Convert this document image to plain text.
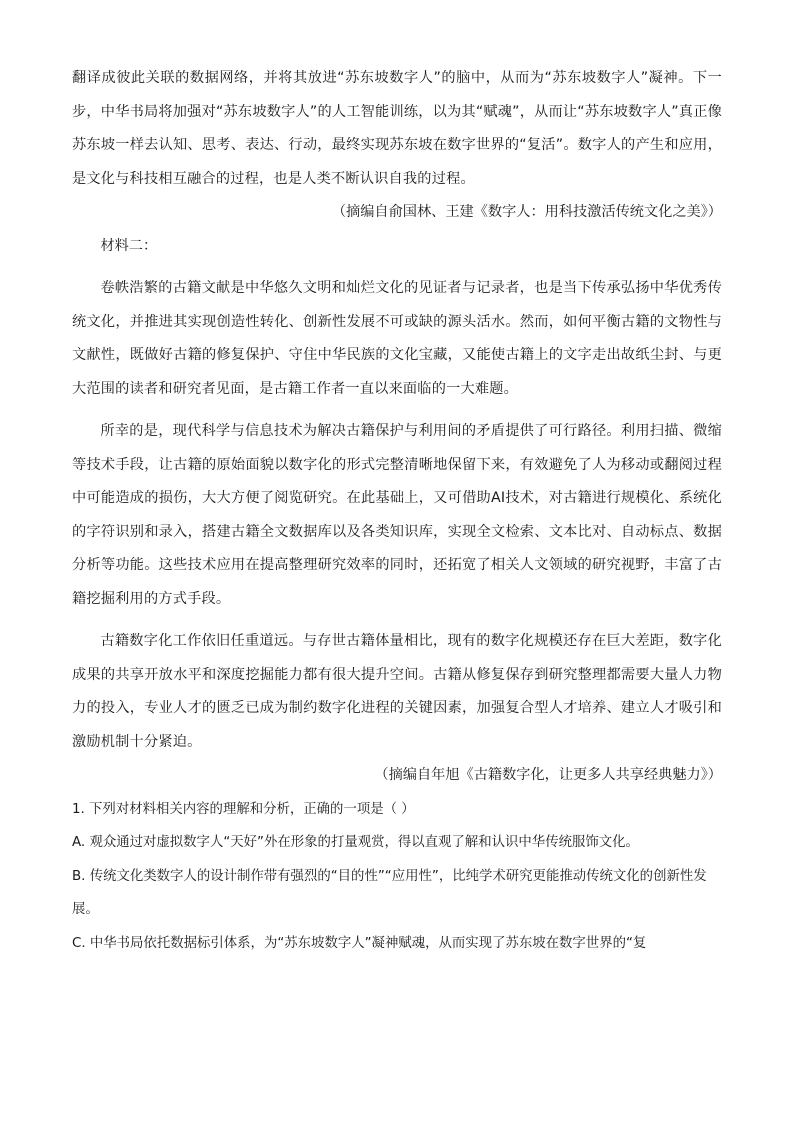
翻译成彼此关联的数据网络，并将其放进“苏东坡数字人”的脑中，从而为“苏东坡数字人”凝神。下一步，中华书局将加强对“苏东坡数字人”的人工智能训练，以为其“赋魂”，从而让“苏东坡数字人”真正像苏东坡一样去认知、思考、表达、行动，最终实现苏东坡在数字世界的“复活”。数字人的产生和应用，是文化与科技相互融合的过程，也是人类不断认识自我的过程。

（摘编自俞国林、王建《数字人：用科技激活传统文化之美》）

材料二：

卷帙浩繁的古籍文献是中华悠久文明和灿烂文化的见证者与记录者，也是当下传承弘扬中华优秀传统文化，并推进其实现创造性转化、创新性发展不可或缺的源头活水。然而，如何平衡古籍的文物性与文献性，既做好古籍的修复保护、守住中华民族的文化宝藏，又能使古籍上的文字走出故纸尘封、与更大范围的读者和研究者见面，是古籍工作者一直以来面临的一大难题。

所幸的是，现代科学与信息技术为解决古籍保护与利用间的矛盾提供了可行路径。利用扫描、微缩等技术手段，让古籍的原始面貌以数字化的形式完整清晰地保留下来，有效避免了人为移动或翻阅过程中可能造成的损伤，大大方便了阅览研究。在此基础上，又可借助AI技术，对古籍进行规模化、系统化的字符识别和录入，搭建古籍全文数据库以及各类知识库，实现全文检索、文本比对、自动标点、数据分析等功能。这些技术应用在提高整理研究效率的同时，还拓宽了相关人文领域的研究视野，丰富了古籍挖掘利用的方式手段。

古籍数字化工作依旧任重道远。与存世古籍体量相比，现有的数字化规模还存在巨大差距，数字化成果的共享开放水平和深度挖掘能力都有很大提升空间。古籍从修复保存到研究整理都需要大量人力物力的投入，专业人才的匮乏已成为制约数字化进程的关键因素，加强复合型人才培养、建立人才吸引和激励机制十分紧迫。

（摘编自年旭《古籍数字化，让更多人共享经典魅力》）

1. 下列对材料相关内容的理解和分析，正确的一项是（ ）

A. 观众通过对虚拟数字人“天好”外在形象的打量观赏，得以直观了解和认识中华传统服饰文化。

B. 传统文化类数字人的设计制作带有强烈的“目的性”“应用性”，比纯学术研究更能推动传统文化的创新性发展。

C. 中华书局依托数据标引体系，为“苏东坡数字人”凝神赋魂，从而实现了苏东坡在数字世界的“复
